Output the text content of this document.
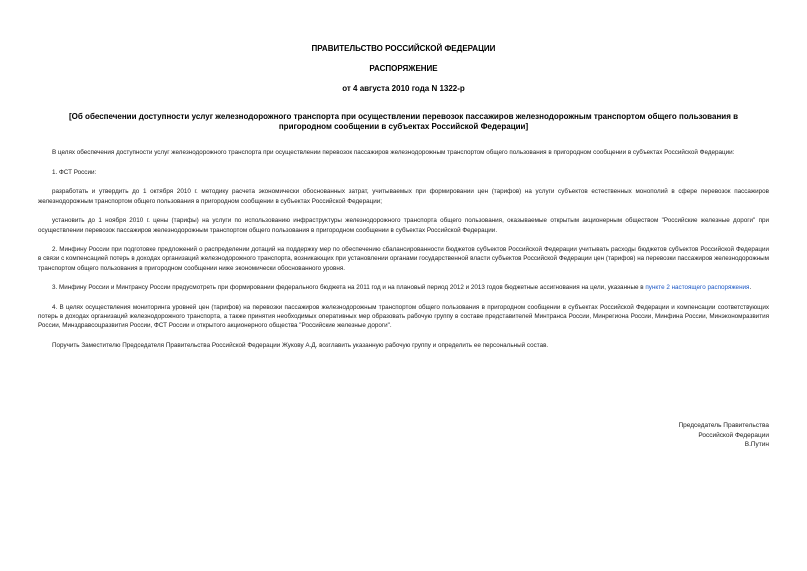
ПРАВИТЕЛЬСТВО РОССИЙСКОЙ ФЕДЕРАЦИИ

РАСПОРЯЖЕНИЕ

от 4 августа 2010 года N 1322-р

[Об обеспечении доступности услуг железнодорожного транспорта при осуществлении перевозок пассажиров железнодорожным транспортом общего пользования в пригородном сообщении в субъектах Российской Федерации]

В целях обеспечения доступности услуг железнодорожного транспорта при осуществлении перевозок пассажиров железнодорожным транспортом общего пользования в пригородном сообщении в субъектах Российской Федерации:

1. ФСТ России:

разработать и утвердить до 1 октября 2010 г. методику расчета экономически обоснованных затрат, учитываемых при формировании цен (тарифов) на услуги субъектов естественных монополий в сфере перевозок пассажиров железнодорожным транспортом общего пользования в пригородном сообщении в субъектах Российской Федерации;

установить до 1 ноября 2010 г. цены (тарифы) на услуги по использованию инфраструктуры железнодорожного транспорта общего пользования, оказываемые открытым акционерным обществом "Российские железные дороги" при осуществлении перевозок пассажиров железнодорожным транспортом общего пользования в пригородном сообщении в субъектах Российской Федерации.

2. Минфину России при подготовке предложений о распределении дотаций на поддержку мер по обеспечению сбалансированности бюджетов субъектов Российской Федерации учитывать расходы бюджетов субъектов Российской Федерации в связи с компенсацией потерь в доходах организаций железнодорожного транспорта, возникающих при установлении органами государственной власти субъектов Российской Федерации цен (тарифов) на перевозки пассажиров железнодорожным транспортом общего пользования в пригородном сообщении ниже экономически обоснованного уровня.

3. Минфину России и Минтрансу России предусмотреть при формировании федерального бюджета на 2011 год и на плановый период 2012 и 2013 годов бюджетные ассигнования на цели, указанные в пункте 2 настоящего распоряжения.

4. В целях осуществления мониторинга уровней цен (тарифов) на перевозки пассажиров железнодорожным транспортом общего пользования в пригородном сообщении в субъектах Российской Федерации и компенсации соответствующих потерь в доходах организаций железнодорожного транспорта, а также принятия необходимых оперативных мер образовать рабочую группу в составе представителей Минтранса России, Минрегиона России, Минфина России, Минэкономразвития России, Минздравсоцразвития России, ФСТ России и открытого акционерного общества "Российские железные дороги".

Поручить Заместителю Председателя Правительства Российской Федерации Жукову А.Д. возглавить указанную рабочую группу и определить ее персональный состав.

Председатель Правительства
Российской Федерации
В.Путин
